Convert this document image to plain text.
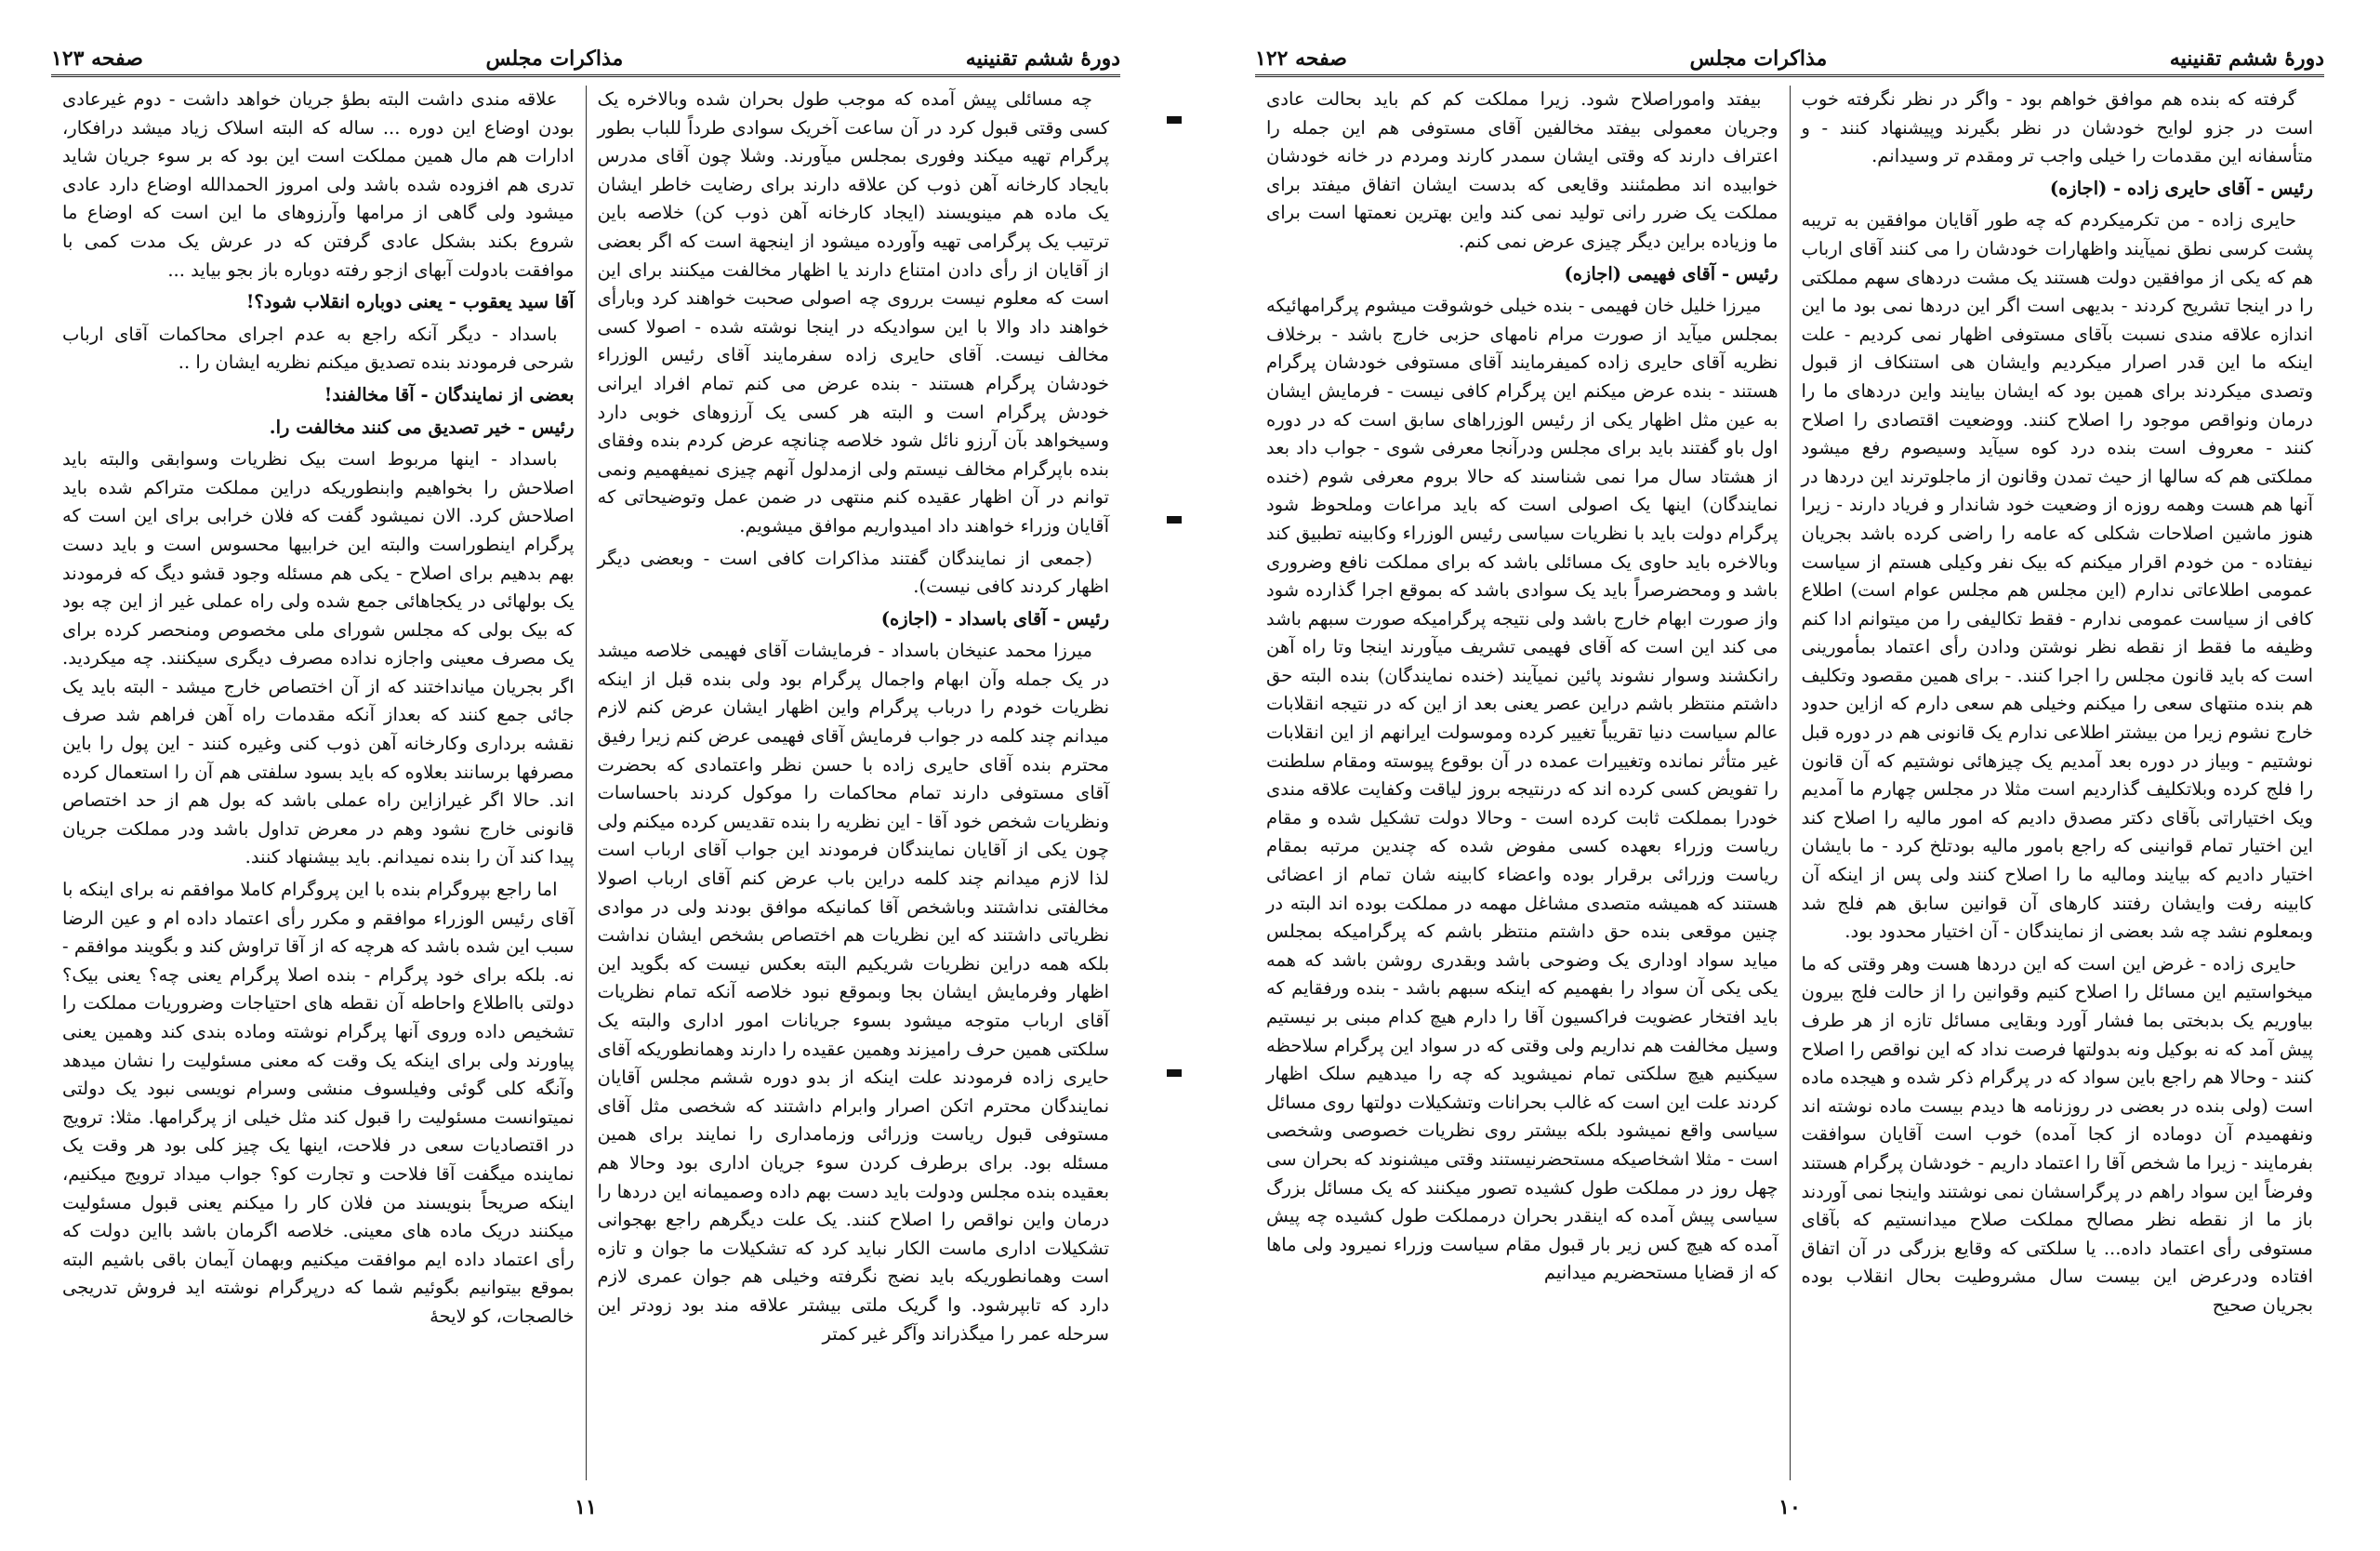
دورهٔ ششم تقنینیه
مذاکرات مجلس
صفحه ۱۲۳

چه مسائلی پیش آمده که موجب طول بحران شده وبالاخره یک کسی وقتی قبول کرد در آن ساعت آخریک سوادی طرداً للباب بطور پرگرام تهیه میکند وفوری بمجلس میآورند. وشلا چون آقای مدرس بایجاد کارخانه آهن ذوب کن علاقه دارند برای رضایت خاطر ایشان یک ماده هم مینویسند (ایجاد کارخانه آهن ذوب کن) خلاصه باین ترتیب یک پرگرامی تهیه وآورده میشود از اینجهة است که اگر بعضی از آقایان از رأی دادن امتناع دارند یا اظهار مخالفت میکنند برای این است که معلوم نیست برروی چه اصولی صحبت خواهند کرد وبارأی خواهند داد والا با این سوادیکه در اینجا نوشته شده - اصولا کسی مخالف نیست. آقای حایری زاده سفرمایند آقای رئیس الوزراء خودشان پرگرام هستند - بنده عرض می کنم تمام افراد ایرانی خودش پرگرام است و البته هر کسی یک آرزوهای خوبی دارد وسیخواهد بآن آرزو نائل شود خلاصه چنانچه عرض کردم بنده وفقای بنده باپرگرام مخالف نیستم ولی ازمدلول آنهم چیزی نمیفهمیم ونمی توانم در آن اظهار عقیده کنم منتهی در ضمن عمل وتوضیحاتی که آقایان وزراء خواهند داد امیدواریم موافق میشویم.

(جمعی از نمایندگان گفتند مذاکرات کافی است - وبعضی دیگر اظهار کردند کافی نیست).

رئیس - آقای باسداد - (اجازه)

میرزا محمد عنیخان باسداد - فرمایشات آقای فهیمی خلاصه میشد در یک جمله وآن ابهام واجمال پرگرام بود ولی بنده قبل از اینکه نظریات خودم را درباب پرگرام واین اظهار ایشان عرض کنم لازم میدانم چند کلمه در جواب فرمایش آقای فهیمی عرض کنم زیرا رفیق محترم بنده آقای حایری زاده با حسن نظر واعتمادی که بحضرت آقای مستوفی دارند تمام محاکمات را موکول کردند باحساسات ونظریات شخص خود آقا - این نظریه را بنده تقدیس کرده میکنم ولی چون یکی از آقایان نمایندگان فرمودند این جواب آقای ارباب است لذا لازم میدانم چند کلمه دراین باب عرض کنم آقای ارباب اصولا مخالفتی نداشتند وباشخص آقا کمانیکه موافق بودند ولی در موادی نظریاتی داشتند که این نظریات هم اختصاص بشخص ایشان نداشت بلکه همه دراین نظریات شریکیم البته بعکس نیست که بگوید این اظهار وفرمایش ایشان بجا وبموقع نبود خلاصه آنکه تمام نظریات آقای ارباب متوجه میشود بسوء جریانات امور اداری والبته یک سلکتی همین حرف رامیزند وهمین عقیده را دارند وهمانطوریکه آقای حایری زاده فرمودند علت اینکه از بدو دوره ششم مجلس آقایان نمایندگان محترم اتکن اصرار وابرام داشتند که شخصی مثل آقای مستوفی قبول ریاست وزرائی وزمامداری را نمایند برای همین مسئله بود. برای برطرف کردن سوء جریان اداری بود وحالا هم بعقیده بنده مجلس ودولت باید دست بهم داده وصمیمانه این دردها را درمان واین نواقص را اصلاح کنند. یک علت دیگرهم راجع بهجوانی تشکیلات اداری ماست الکار نباید کرد که تشکیلات ما جوان و تازه است وهمانطوریکه باید نضج نگرفته وخیلی هم جوان عمری لازم دارد که تابپرشود. وا گریک ملتی بیشتر علاقه مند بود زودتر این سرحله عمر را میگذراند وآگر غیر کمتر

علاقه مندی داشت البته بطؤ جریان خواهد داشت - دوم غیرعادی بودن اوضاع این دوره ... ساله که البته اسلاک زیاد میشد درافکار، ادارات هم مال همین مملکت است این بود که بر سوء جریان شاید تدری هم افزوده شده باشد ولی امروز الحمدالله اوضاع دارد عادی میشود ولی گاهی از مرامها وآرزوهای ما این است که اوضاع ما شروع بکند بشکل عادی گرفتن که در عرش یک مدت کمی با موافقت بادولت آبهای ازجو رفته دوباره باز بجو بیاید ...

آقا سید یعقوب - یعنی دوباره انقلاب شود؟!

باسداد - دیگر آنکه راجع به عدم اجرای محاکمات آقای ارباب شرحی فرمودند بنده تصدیق میکنم نظریه ایشان را ..

بعضی از نمایندگان - آقا مخالفند!

رئیس - خیر تصدیق می کنند مخالفت را.

باسداد - اینها مربوط است بیک نظریات وسوابقی والبته باید اصلاحش را بخواهیم وابنطوریکه دراین مملکت متراکم شده باید اصلاحش کرد. الان نمیشود گفت که فلان خرابی برای این است که پرگرام اینطوراست والبته این خرابیها محسوس است و باید دست بهم بدهیم برای اصلاح - یکی هم مسئله وجود قشو دیگ که فرمودند یک بولهائی در یکجاهائی جمع شده ولی راه عملی غیر از این چه بود که بیک بولی که مجلس شورای ملی مخصوص ومنحصر کرده برای یک مصرف معینی واجازه نداده مصرف دیگری سیکنند. چه میکردید. اگر بجریان میانداختند که از آن اختصاص خارج میشد - البته باید یک جائی جمع کنند که بعداز آنکه مقدمات راه آهن فراهم شد صرف نقشه برداری وکارخانه آهن ذوب کنی وغیره کنند - این پول را باین مصرفها برسانند بعلاوه که باید بسود سلفتی هم آن را استعمال کرده اند. حالا اگر غیرازاین راه عملی باشد که بول هم از حد اختصاص قانونی خارج نشود وهم در معرض تداول باشد ودر مملکت جریان پیدا کند آن را بنده نمیدانم. باید بیشنهاد کنند.

اما راجع بپروگرام بنده با این پروگرام کاملا موافقم نه برای اینکه با آقای رئیس الوزراء موافقم و مکرر رأی اعتماد داده ام و عین الرضا سبب این شده باشد که هرچه که از آقا تراوش کند و بگویند موافقم - نه. بلکه برای خود پرگرام - بنده اصلا پرگرام یعنی چه؟ یعنی بیک؟ دولتی بااطلاع واحاطه آن نقطه های احتیاجات وضروریات مملکت را تشخیص داده وروی آنها پرگرام نوشته وماده بندی کند وهمین یعنی پیاورند ولی برای اینکه یک وقت که معنی مسئولیت را نشان میدهد وآنگه کلی گوئی وفیلسوف منشی وسرام نویسی نبود یک دولتی نمیتوانست مسئولیت را قبول کند مثل خیلی از پرگرامها. مثلا: ترویج در اقتصادیات سعی در فلاحت، اینها یک چیز کلی بود هر وقت یک نماینده میگفت آقا فلاحت و تجارت کو؟ جواب میداد ترویج میکنیم، اینکه صریحاً بنویسند من فلان کار را میکنم یعنی قبول مسئولیت میکنند دریک ماده های معینی. خلاصه اگرمان باشد بااین دولت که رأی اعتماد داده ایم موافقت میکنیم وبهمان آیمان باقی باشیم البته بموقع بیتوانیم بگوئیم شما که درپرگرام نوشته اید فروش تدریجی خالصجات، کو لایحهٔ

۱۱
دورهٔ ششم تقنینیه
مذاکرات مجلس
صفحه ۱۲۲

گرفته که بنده هم موافق خواهم بود - واگر در نظر نگرفته خوب است در جزو لوایح خودشان در نظر بگیرند وپیشنهاد کنند - و متأسفانه این مقدمات را خیلی واجب تر ومقدم تر وسیدانم.

رئیس - آقای حایری زاده - (اجازه)

حایری زاده - من تکرمیکردم که چه طور آقایان موافقین به تریبه پشت کرسی نطق نمیآیند واظهارات خودشان را می کنند آقای ارباب هم که یکی از موافقین دولت هستند یک مشت دردهای سهم مملکتی را در اینجا تشریح کردند - بدیهی است اگر این دردها نمی بود ما این اندازه علاقه مندی نسبت بآقای مستوفی اظهار نمی کردیم - علت اینکه ما این قدر اصرار میکردیم وایشان هی استنکاف از قبول وتصدی میکردند برای همین بود که ایشان بیایند واین دردهای ما را درمان ونواقص موجود را اصلاح کنند. ووضعیت اقتصادی را اصلاح کنند - معروف است بنده درد کوه سیآید وسیصوم رفع میشود مملکتی هم که سالها از حیث تمدن وقانون از ماجلوترند این دردها در آنها هم هست وهمه روزه از وضعیت خود شاندار و فریاد دارند - زیرا هنوز ماشین اصلاحات شکلی که عامه را راضی کرده باشد بجریان نیفتاده - من خودم اقرار میکنم که بیک نفر وکیلی هستم از سیاست عمومی اطلاعاتی ندارم (این مجلس هم مجلس عوام است) اطلاع کافی از سیاست عمومی ندارم - فقط تکالیفی را من میتوانم ادا کنم وظیفه ما فقط از نقطه نظر نوشتن ودادن رأی اعتماد بمأمورینی است که باید قانون مجلس را اجرا کنند. - برای همین مقصود وتکلیف هم بنده منتهای سعی را میکنم وخیلی هم سعی دارم که ازاین حدود خارج نشوم زیرا من بیشتر اطلاعی ندارم یک قانونی هم در دوره قبل نوشتیم - وبیاز در دوره بعد آمدیم یک چیزهائی نوشتیم که آن قانون را فلج کرده وبلاتکلیف گذاردیم است مثلا در مجلس چهارم ما آمدیم ویک اختیاراتی بآقای دکتر مصدق دادیم که امور مالیه را اصلاح کند این اختیار تمام قوانینی که راجع بامور مالیه بودتلخ کرد - ما بایشان اختیار دادیم که بیایند ومالیه ما را اصلاح کنند ولی پس از اینکه آن کابینه رفت وایشان رفتند کارهای آن قوانین سابق هم فلج شد وبمعلوم نشد چه شد بعضی از نمایندگان - آن اختیار محدود بود.

حایری زاده - غرض این است که این دردها هست وهر وقتی که ما میخواستیم این مسائل را اصلاح کنیم وقوانین را از حالت فلج بیرون بیاوریم یک بدبختی بما فشار آورد وبقایی مسائل تازه از هر طرف پیش آمد که نه بوکیل ونه بدولتها فرصت نداد که این نواقص را اصلاح کنند - وحالا هم راجع باین سواد که در پرگرام ذکر شده و هیجده ماده است (ولی بنده در بعضی در روزنامه ها دیدم بیست ماده نوشته اند ونفهمیدم آن دوماده از کجا آمده) خوب است آقایان سوافقت بفرمایند - زیرا ما شخص آقا را اعتماد داریم - خودشان پرگرام هستند وفرضاً این سواد راهم در پرگراسشان نمی نوشتند واینجا نمی آوردند باز ما از نقطه نظر مصالح مملکت صلاح میدانستیم که بآقای مستوفی رأی اعتماد داده... یا سلکتی که وقایع بزرگی در آن اتفاق افتاده ودرعرض این بیست سال مشروطیت بحال انقلاب بوده بجریان صحیح

بیفتد واموراصلاح شود. زیرا مملکت کم کم باید بحالت عادی وجریان معمولی بیفتد مخالفین آقای مستوفی هم این جمله را اعتراف دارند که وقتی ایشان سمدر کارند ومردم در خانه خودشان خوابیده اند مطمئنند وقایعی که بدست ایشان اتفاق میفتد برای مملکت یک ضرر رانی تولید نمی کند واین بهترین نعمتها است برای ما وزیاده براین دیگر چیزی عرض نمی کنم.

رئیس - آقای فهیمی (اجازه)

میرزا خلیل خان فهیمی - بنده خیلی خوشوقت میشوم پرگرامهائیکه بمجلس میآید از صورت مرام نامهای حزبی خارج باشد - برخلاف نظریه آقای حایری زاده کمیفرمایند آقای مستوفی خودشان پرگرام هستند - بنده عرض میکنم این پرگرام کافی نیست - فرمایش ایشان به عین مثل اظهار یکی از رئیس الوزراهای سابق است که در دوره اول باو گفتند باید برای مجلس ودرآنجا معرفی شوی - جواب داد بعد از هشتاد سال مرا نمی شناسند که حالا بروم معرفی شوم (خنده نمایندگان) اینها یک اصولی است که باید مراعات وملحوظ شود پرگرام دولت باید با نظریات سیاسی رئیس الوزراء وکابینه تطبیق کند وبالاخره باید حاوی یک مسائلی باشد که برای مملکت نافع وضروری باشد و ومحضرصراً باید یک سوادی باشد که بموقع اجرا گذارده شود واز صورت ابهام خارج باشد ولی نتیجه پرگرامیکه صورت سبهم باشد می کند این است که آقای فهیمی تشریف میآورند اینجا وتا راه آهن رانکشند وسوار نشوند پائین نمیآیند (خنده نمایندگان) بنده البته حق داشتم منتظر باشم دراین عصر یعنی بعد از این که در نتیجه انقلابات عالم سیاست دنیا تقریباً تغییر کرده وموسولت ایرانهم از این انقلابات غیر متأثر نمانده وتغییرات عمده در آن بوقوع پیوسته ومقام سلطنت را تفویض کسی کرده اند که درنتیجه بروز لیاقت وکفایت علاقه مندی خودرا بمملکت ثابت کرده است - وحالا دولت تشکیل شده و مقام ریاست وزراء بعهده کسی مفوض شده که چندین مرتبه بمقام ریاست وزرائی برقرار بوده واعضاء کابینه شان تمام از اعضائی هستند که همیشه متصدی مشاغل مهمه در مملکت بوده اند البته در چنین موقعی بنده حق داشتم منتظر باشم که پرگرامیکه بمجلس میاید سواد اوداری یک وضوحی باشد وبقدری روشن باشد که همه یکی یکی آن سواد را بفهمیم که اینکه سبهم باشد - بنده ورفقایم که باید افتخار عضویت فراکسیون آقا را دارم هیچ کدام مبنی بر نیستیم وسیل مخالفت هم نداریم ولی وقتی که در سواد این پرگرام سلاحظه سیکنیم هیچ سلکتی تمام نمیشوید که چه را میدهیم سلک اظهار کردند علت این است که غالب بحرانات وتشکیلات دولتها روی مسائل سیاسی واقع نمیشود بلکه بیشتر روی نظریات خصوصی وشخصی است - مثلا اشخاصیکه مستحضرنیستند وقتی میشنوند که بحران سی چهل روز در مملکت طول کشیده تصور میکنند که یک مسائل بزرگ سیاسی پیش آمده که اینقدر بحران درمملکت طول کشیده چه پیش آمده که هیچ کس زیر بار قبول مقام سیاست وزراء نمیرود ولی ماها که از قضایا مستحضریم میدانیم

۱۰
